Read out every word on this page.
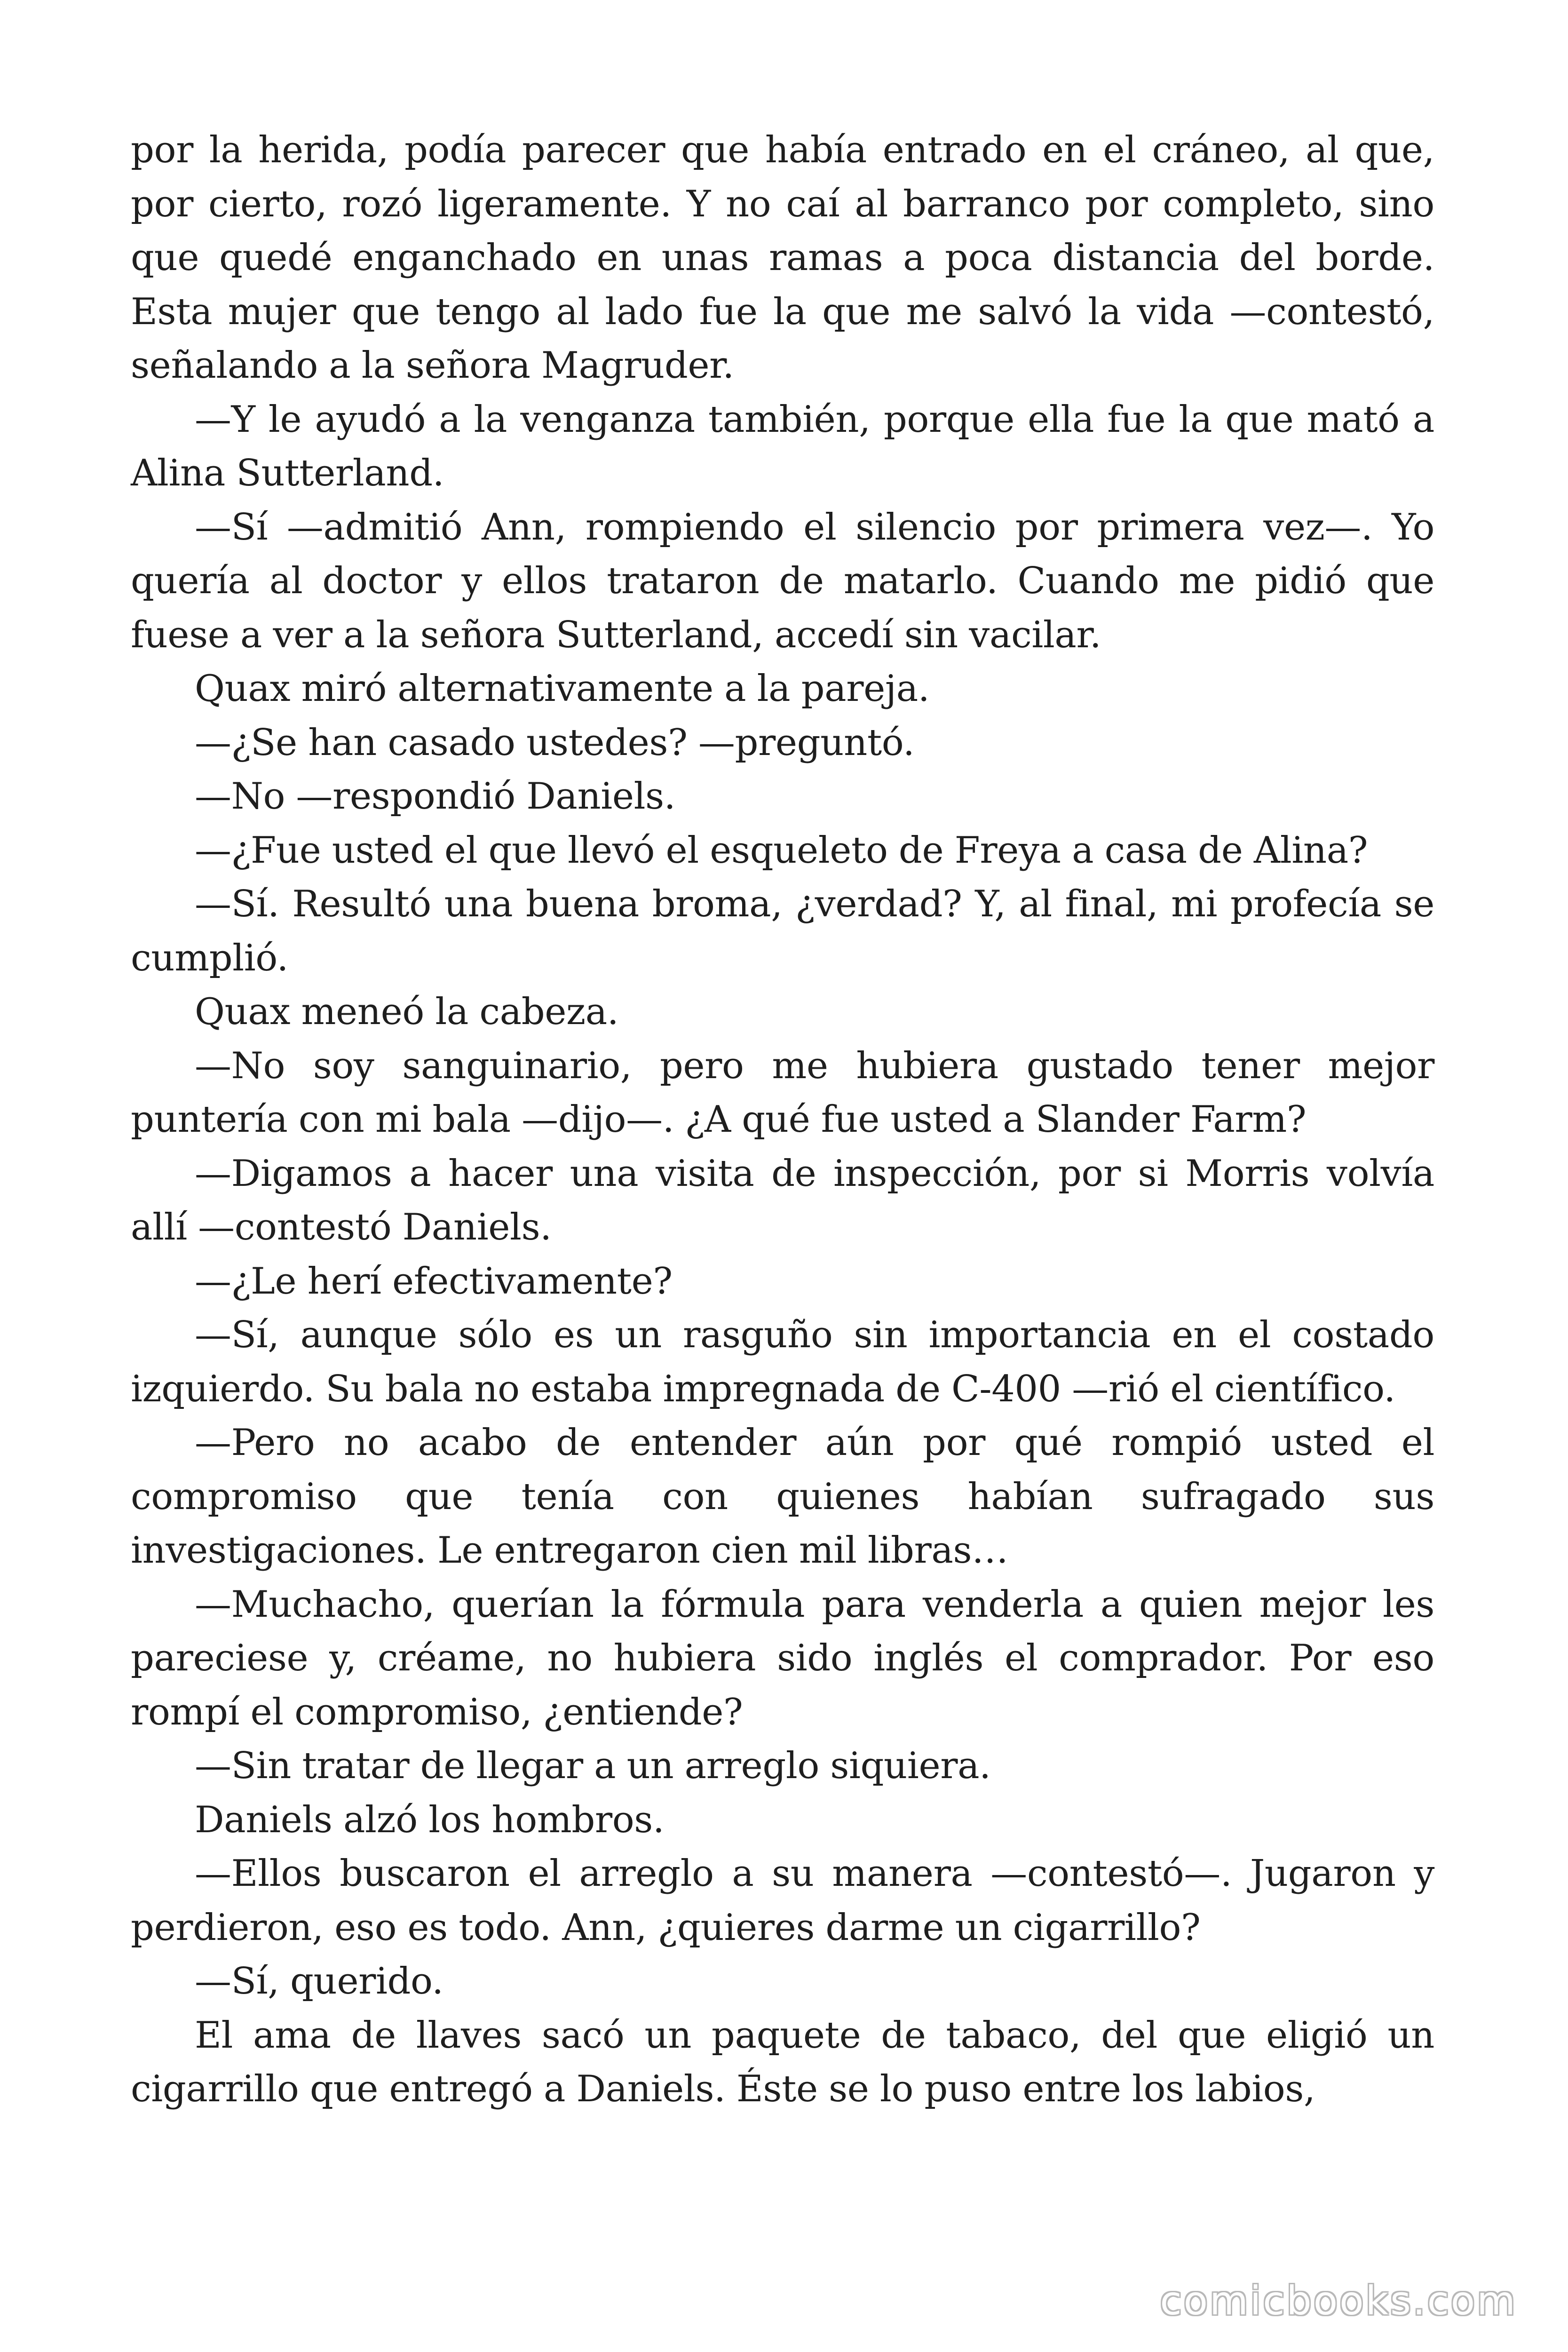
por la herida, podía parecer que había entrado en el cráneo, al que, por cierto, rozó ligeramente. Y no caí al barranco por completo, sino que quedé enganchado en unas ramas a poca distancia del borde. Esta mujer que tengo al lado fue la que me salvó la vida —contestó, señalando a la señora Magruder.

—Y le ayudó a la venganza también, porque ella fue la que mató a Alina Sutterland.

—Sí —admitió Ann, rompiendo el silencio por primera vez—. Yo quería al doctor y ellos trataron de matarlo. Cuando me pidió que fuese a ver a la señora Sutterland, accedí sin vacilar.

Quax miró alternativamente a la pareja.

—¿Se han casado ustedes? —preguntó.

—No —respondió Daniels.

—¿Fue usted el que llevó el esqueleto de Freya a casa de Alina?

—Sí. Resultó una buena broma, ¿verdad? Y, al final, mi profecía se cumplió.

Quax meneó la cabeza.

—No soy sanguinario, pero me hubiera gustado tener mejor puntería con mi bala —dijo—. ¿A qué fue usted a Slander Farm?

—Digamos a hacer una visita de inspección, por si Morris volvía allí —contestó Daniels.

—¿Le herí efectivamente?

—Sí, aunque sólo es un rasguño sin importancia en el costado izquierdo. Su bala no estaba impregnada de C-400 —rió el científico.

—Pero no acabo de entender aún por qué rompió usted el compromiso que tenía con quienes habían sufragado sus investigaciones. Le entregaron cien mil libras…

—Muchacho, querían la fórmula para venderla a quien mejor les pareciese y, créame, no hubiera sido inglés el comprador. Por eso rompí el compromiso, ¿entiende?

—Sin tratar de llegar a un arreglo siquiera.

Daniels alzó los hombros.

—Ellos buscaron el arreglo a su manera —contestó—. Jugaron y perdieron, eso es todo. Ann, ¿quieres darme un cigarrillo?

—Sí, querido.

El ama de llaves sacó un paquete de tabaco, del que eligió un cigarrillo que entregó a Daniels. Éste se lo puso entre los labios,

comicbooks.com
